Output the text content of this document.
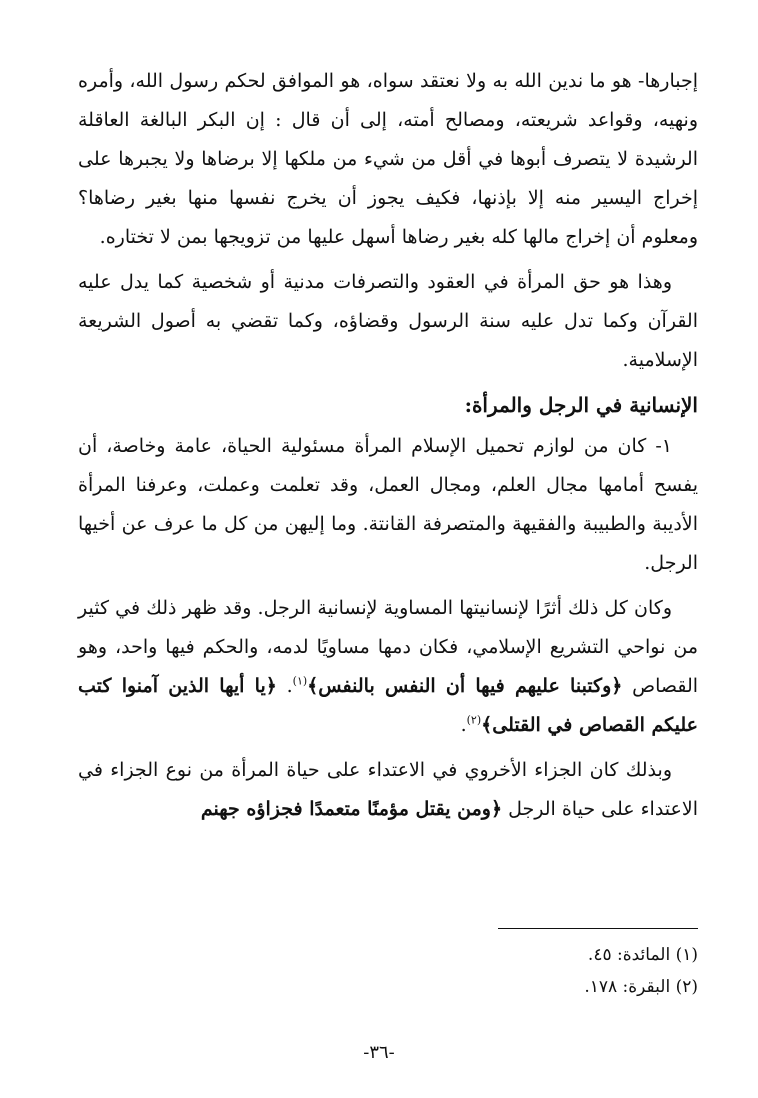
إجبارها- هو ما ندين الله به ولا نعتقد سواه، هو الموافق لحكم رسول الله، وأمره ونهيه، وقواعد شريعته، ومصالح أمته، إلى أن قال : إن البكر البالغة العاقلة الرشيدة لا يتصرف أبوها في أقل من شيء من ملكها إلا برضاها ولا يجبرها على إخراج اليسير منه إلا بإذنها، فكيف يجوز أن يخرج نفسها منها بغير رضاها؟ ومعلوم أن إخراج مالها كله بغير رضاها أسهل عليها من تزويجها بمن لا تختاره.

وهذا هو حق المرأة في العقود والتصرفات مدنية أو شخصية كما يدل عليه القرآن وكما تدل عليه سنة الرسول وقضاؤه، وكما تقضي به أصول الشريعة الإسلامية.

الإنسانية في الرجل والمرأة:

١- كان من لوازم تحميل الإسلام المرأة مسئولية الحياة، عامة وخاصة، أن يفسح أمامها مجال العلم، ومجال العمل، وقد تعلمت وعملت، وعرفنا المرأة الأديبة والطبيبة والفقيهة والمتصرفة القانتة. وما إليهن من كل ما عرف عن أخيها الرجل.

وكان كل ذلك أثرًا لإنسانيتها المساوية لإنسانية الرجل. وقد ظهر ذلك في كثير من نواحي التشريع الإسلامي، فكان دمها مساويًا لدمه، والحكم فيها واحد، وهو القصاص ﴿وكتبنا عليهم فيها أن النفس بالنفس﴾$^{(١)}$. ﴿يا أيها الذين آمنوا كتب عليكم القصاص في القتلى﴾$^{(٢)}$.

وبذلك كان الجزاء الأخروي في الاعتداء على حياة المرأة من نوع الجزاء في الاعتداء على حياة الرجل ﴿ومن يقتل مؤمنًا متعمدًا فجزاؤه جهنم

(١) المائدة: ٤٥.

(٢) البقرة: ١٧٨.

-٣٦-
